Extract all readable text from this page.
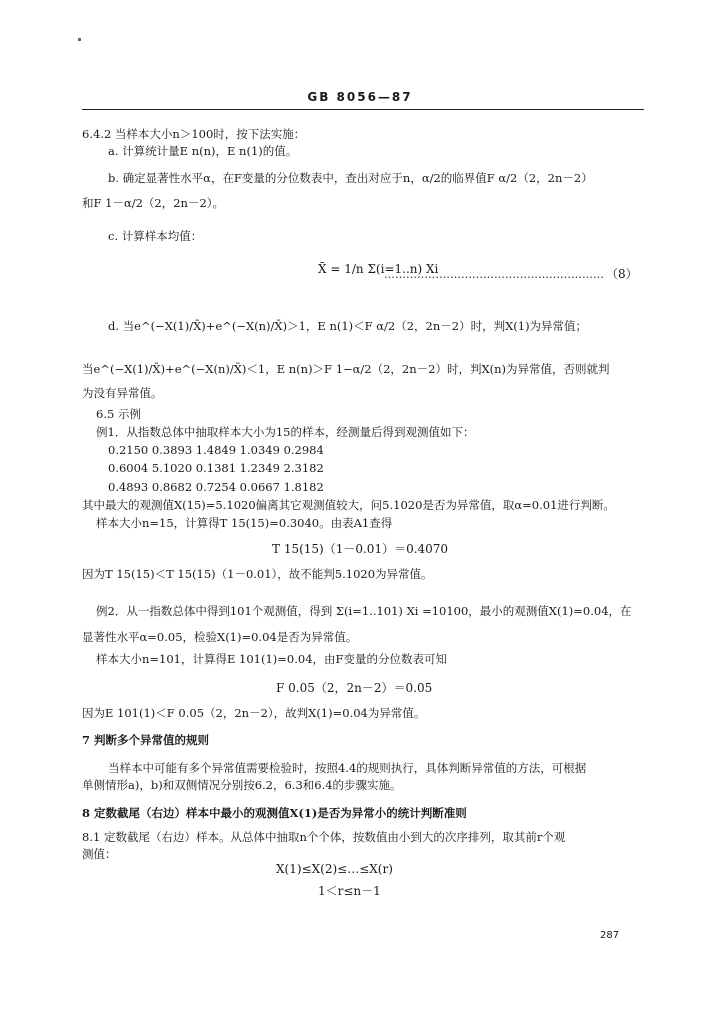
GB 8056—87
6.4.2 当样本大小n＞100时，按下法实施：
a. 计算统计量E n(n)，E n(1)的值。
b. 确定显著性水平α，在F变量的分位数表中，查出对应于n，α/2的临界值F α/2（2，2n－2）
和F 1－α/2（2，2n－2）。
c. 计算样本均值：
X̄ = 1/n Σ(i=1..n) Xi
…………………………………………………… （8）
d. 当e^(−X(1)/X̄)+e^(−X(n)/X̄)＞1，E n(1)＜F α/2（2，2n－2）时，判X(1)为异常值；
当e^(−X(1)/X̄)+e^(−X(n)/X̄)＜1，E n(n)＞F 1−α/2（2，2n－2）时，判X(n)为异常值，否则就判
为没有异常值。
6.5 示例
例1．从指数总体中抽取样本大小为15的样本，经测量后得到观测值如下：
0.2150 0.3893 1.4849 1.0349 0.2984
0.6004 5.1020 0.1381 1.2349 2.3182
0.4893 0.8682 0.7254 0.0667 1.8182
其中最大的观测值X(15)=5.1020偏离其它观测值较大，问5.1020是否为异常值，取α=0.01进行判断。
样本大小n=15，计算得T 15(15)=0.3040。由表A1查得
T 15(15)（1－0.01）＝0.4070
因为T 15(15)＜T 15(15)（1－0.01），故不能判5.1020为异常值。
例2．从一指数总体中得到101个观测值，得到 Σ(i=1..101) Xi =10100，最小的观测值X(1)=0.04，在
显著性水平α=0.05，检验X(1)=0.04是否为异常值。
样本大小n=101，计算得E 101(1)=0.04，由F变量的分位数表可知
F 0.05（2，2n－2）＝0.05
因为E 101(1)＜F 0.05（2，2n－2），故判X(1)=0.04为异常值。
7 判断多个异常值的规则
当样本中可能有多个异常值需要检验时，按照4.4的规则执行，具体判断异常值的方法，可根据
单侧情形a)，b)和双侧情况分别按6.2，6.3和6.4的步骤实施。
8 定数截尾（右边）样本中最小的观测值X(1)是否为异常小的统计判断准则
8.1 定数截尾（右边）样本。从总体中抽取n个个体，按数值由小到大的次序排列，取其前r个观
测值：
X(1)≤X(2)≤…≤X(r)
1＜r≤n－1
287
